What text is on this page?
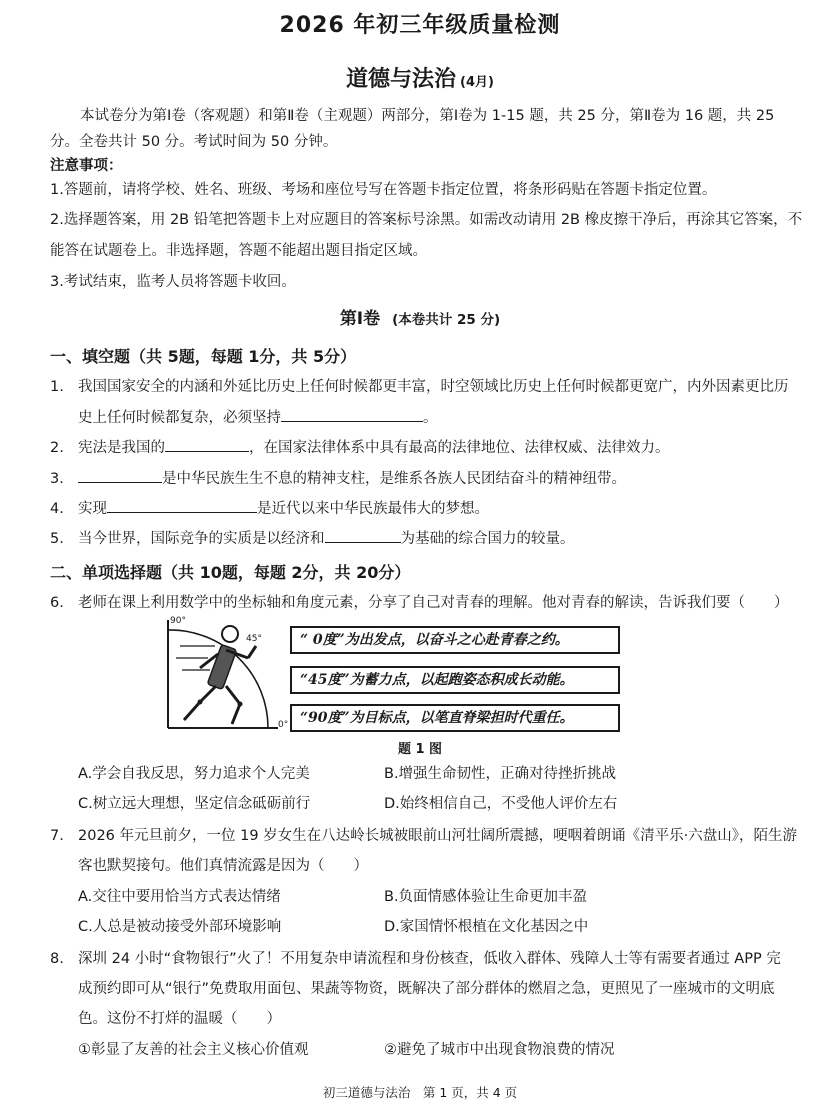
2026 年初三年级质量检测
道德与法治 (4月)
本试卷分为第Ⅰ卷（客观题）和第Ⅱ卷（主观题）两部分，第Ⅰ卷为 1-15 题，共 25 分，第Ⅱ卷为 16 题，共 25
分。全卷共计 50 分。考试时间为 50 分钟。
注意事项：
1.答题前，请将学校、姓名、班级、考场和座位号写在答题卡指定位置，将条形码贴在答题卡指定位置。
2.选择题答案，用 2B 铅笔把答题卡上对应题目的答案标号涂黑。如需改动请用 2B 橡皮擦干净后，再涂其它答案，不
能答在试题卷上。非选择题，答题不能超出题目指定区域。
3.考试结束，监考人员将答题卡收回。
第Ⅰ卷 (本卷共计 25 分)
一、填空题（共 5题，每题 1分，共 5分）
1. 我国国家安全的内涵和外延比历史上任何时候都更丰富，时空领域比历史上任何时候都更宽广，内外因素更比历
史上任何时候都复杂，必须坚持	。
2. 宪法是我国的	，在国家法律体系中具有最高的法律地位、法律权威、法律效力。
3.	是中华民族生生不息的精神支柱，是维系各族人民团结奋斗的精神纽带。
4. 实现	是近代以来中华民族最伟大的梦想。
5. 当今世界，国际竞争的实质是以经济和	为基础的综合国力的较量。
二、单项选择题（共 10题，每题 2分，共 20分）
6. 老师在课上利用数学中的坐标轴和角度元素，分享了自己对青春的理解。他对青春的解读，告诉我们要（　　）
90°
45°
0°
“ 0度”为出发点，以奋斗之心赴青春之约。
“45度”为蓄力点，以起跑姿态积成长动能。
“90度”为目标点，以笔直脊梁担时代重任。
题 1 图
A.学会自我反思，努力追求个人完美	B.增强生命韧性，正确对待挫折挑战
C.树立远大理想，坚定信念砥砺前行	D.始终相信自己，不受他人评价左右
7. 2026 年元旦前夕，一位 19 岁女生在八达岭长城被眼前山河壮阔所震撼，哽咽着朗诵《清平乐·六盘山》，陌生游
客也默契接句。他们真情流露是因为（　　）
A.交往中要用恰当方式表达情绪	B.负面情感体验让生命更加丰盈
C.人总是被动接受外部环境影响	D.家国情怀根植在文化基因之中
8. 深圳 24 小时“食物银行”火了！不用复杂申请流程和身份核查，低收入群体、残障人士等有需要者通过 APP 完
成预约即可从“银行”免费取用面包、果蔬等物资，既解决了部分群体的燃眉之急，更照见了一座城市的文明底
色。这份不打烊的温暖（　　）
①彰显了友善的社会主义核心价值观	②避免了城市中出现食物浪费的情况
初三道德与法治　第 1 页，共 4 页
